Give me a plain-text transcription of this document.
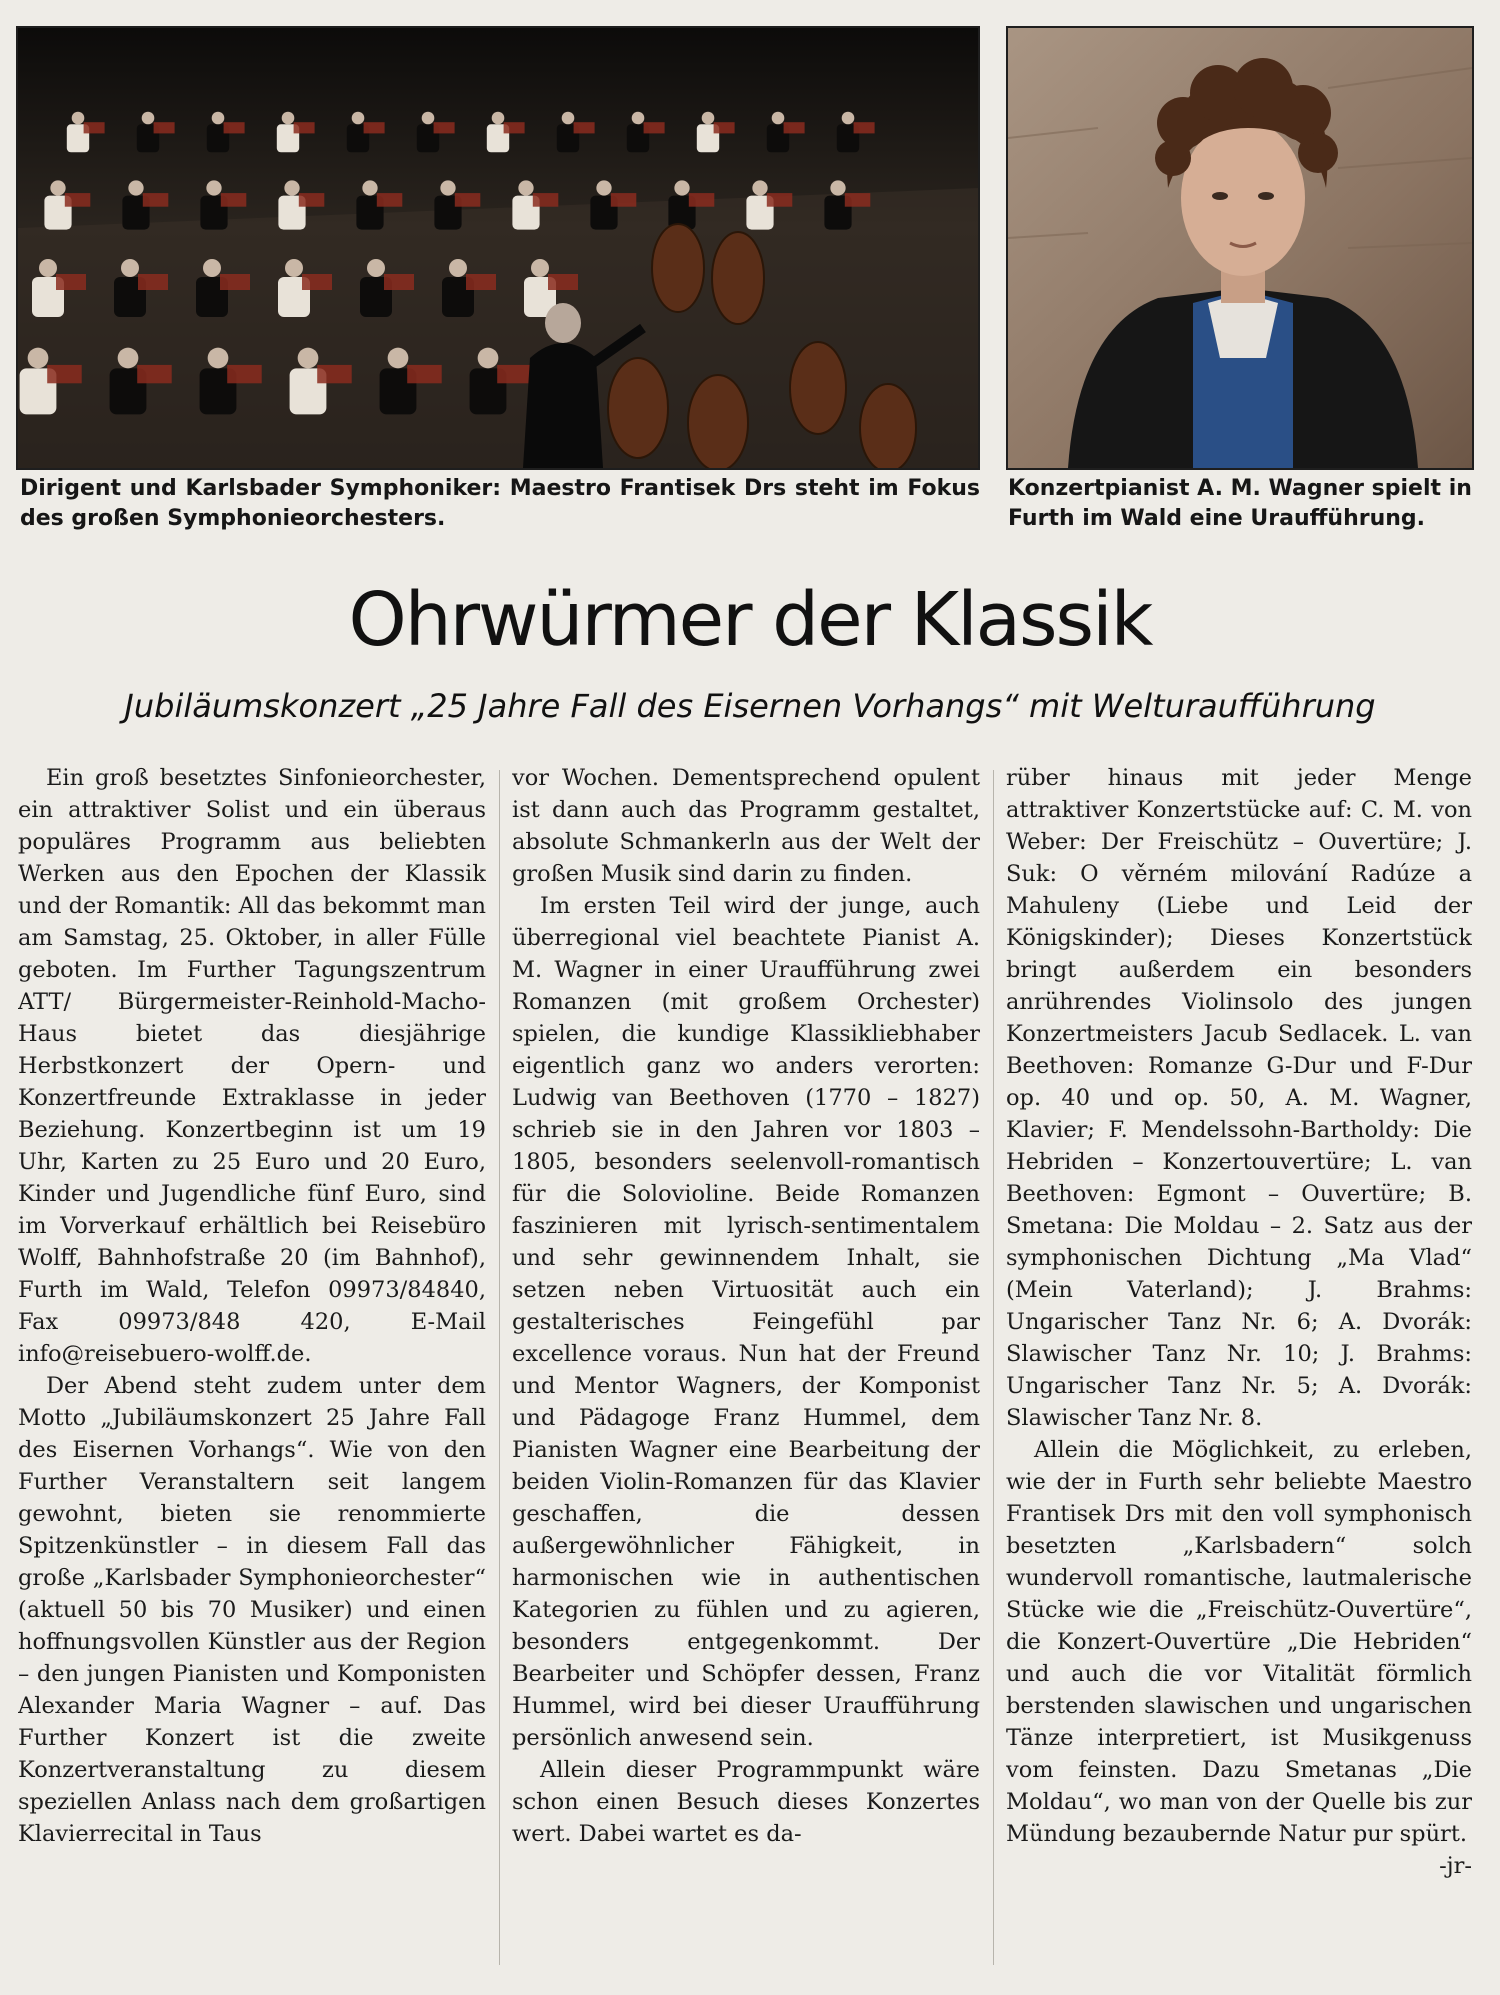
Dirigent und Karlsbader Symphoniker: Maestro Frantisek Drs steht im Fokus des großen Symphonieorchesters.
Konzertpianist A. M. Wagner spielt in Furth im Wald eine Uraufführung.
Ohrwürmer der Klassik
Jubiläumskonzert „25 Jahre Fall des Eisernen Vorhangs“ mit Welturaufführung

Ein groß besetztes Sinfonieorchester, ein attraktiver Solist und ein überaus populäres Programm aus beliebten Werken aus den Epochen der Klassik und der Romantik: All das bekommt man am Samstag, 25. Oktober, in aller Fülle geboten. Im Further Tagungszentrum ATT/ Bürgermeister-Reinhold-Macho-Haus bietet das diesjährige Herbstkonzert der Opern- und Konzertfreunde Extraklasse in jeder Beziehung. Konzertbeginn ist um 19 Uhr, Karten zu 25 Euro und 20 Euro, Kinder und Jugendliche fünf Euro, sind im Vorverkauf erhältlich bei Reisebüro Wolff, Bahnhofstraße 20 (im Bahnhof), Furth im Wald, Telefon 09973/84840, Fax 09973/848 420, E-Mail info@reisebuero-wolff.de.

Der Abend steht zudem unter dem Motto „Jubiläumskonzert 25 Jahre Fall des Eisernen Vorhangs“. Wie von den Further Veranstaltern seit langem gewohnt, bieten sie renommierte Spitzenkünstler – in diesem Fall das große „Karlsbader Symphonieorchester“ (aktuell 50 bis 70 Musiker) und einen hoffnungsvollen Künstler aus der Region – den jungen Pianisten und Komponisten Alexander Maria Wagner – auf. Das Further Konzert ist die zweite Konzertveranstaltung zu diesem speziellen Anlass nach dem großartigen Klavierrecital in Taus

vor Wochen. Dementsprechend opulent ist dann auch das Programm gestaltet, absolute Schmankerln aus der Welt der großen Musik sind darin zu finden.

Im ersten Teil wird der junge, auch überregional viel beachtete Pianist A. M. Wagner in einer Uraufführung zwei Romanzen (mit großem Orchester) spielen, die kundige Klassikliebhaber eigentlich ganz wo anders verorten: Ludwig van Beethoven (1770 – 1827) schrieb sie in den Jahren vor 1803 – 1805, besonders seelenvoll-romantisch für die Solovioline. Beide Romanzen faszinieren mit lyrisch-sentimentalem und sehr gewinnendem Inhalt, sie setzen neben Virtuosität auch ein gestalterisches Feingefühl par excellence voraus. Nun hat der Freund und Mentor Wagners, der Komponist und Pädagoge Franz Hummel, dem Pianisten Wagner eine Bearbeitung der beiden Violin-Romanzen für das Klavier geschaffen, die dessen außergewöhnlicher Fähigkeit, in harmonischen wie in authentischen Kategorien zu fühlen und zu agieren, besonders entgegenkommt. Der Bearbeiter und Schöpfer dessen, Franz Hummel, wird bei dieser Uraufführung persönlich anwesend sein.

Allein dieser Programmpunkt wäre schon einen Besuch dieses Konzertes wert. Dabei wartet es da-

rüber hinaus mit jeder Menge attraktiver Konzertstücke auf: C. M. von Weber: Der Freischütz – Ouvertüre; J. Suk: O věrném milování Radúze a Mahuleny (Liebe und Leid der Königskinder); Dieses Konzertstück bringt außerdem ein besonders anrührendes Violinsolo des jungen Konzertmeisters Jacub Sedlacek. L. van Beethoven: Romanze G-Dur und F-Dur op. 40 und op. 50, A. M. Wagner, Klavier; F. Mendelssohn-Bartholdy: Die Hebriden – Konzertouvertüre; L. van Beethoven: Egmont – Ouvertüre; B. Smetana: Die Moldau – 2. Satz aus der symphonischen Dichtung „Ma Vlad“ (Mein Vaterland); J. Brahms: Ungarischer Tanz Nr. 6; A. Dvorák: Slawischer Tanz Nr. 10; J. Brahms: Ungarischer Tanz Nr. 5; A. Dvorák: Slawischer Tanz Nr. 8.

Allein die Möglichkeit, zu erleben, wie der in Furth sehr beliebte Maestro Frantisek Drs mit den voll symphonisch besetzten „Karlsbadern“ solch wundervoll romantische, lautmalerische Stücke wie die „Freischütz-Ouvertüre“, die Konzert-Ouvertüre „Die Hebriden“ und auch die vor Vitalität förmlich berstenden slawischen und ungarischen Tänze interpretiert, ist Musikgenuss vom feinsten. Dazu Smetanas „Die Moldau“, wo man von der Quelle bis zur Mündung bezaubernde Natur pur spürt.
-jr-
